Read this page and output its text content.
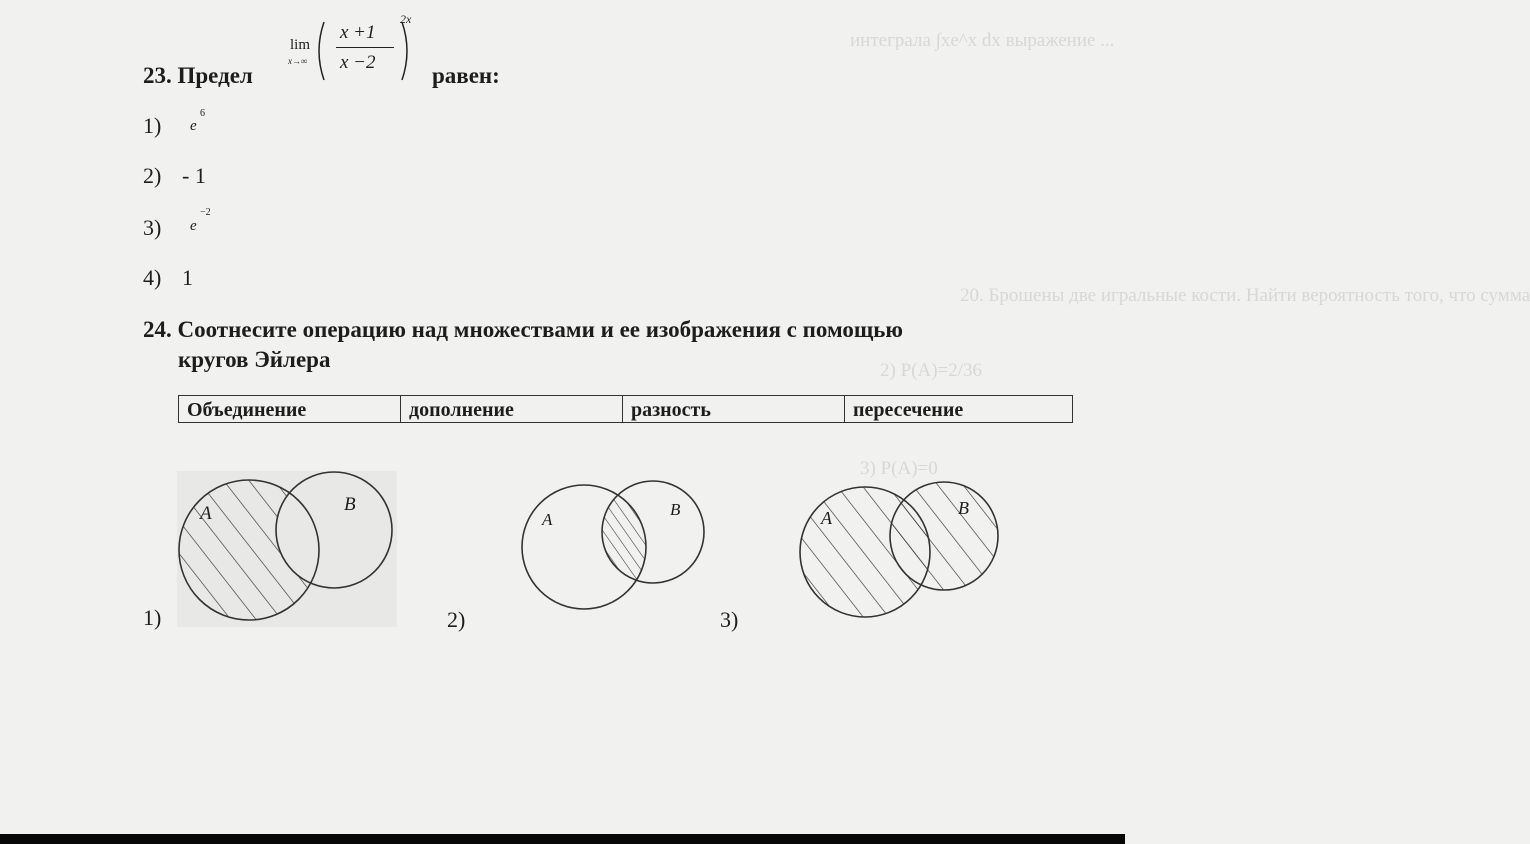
интеграла ∫xe^x dx выражение ...
20. Брошены две игральные кости. Найти вероятность того, что сумма
2) P(A)=2/36
3) P(A)=0
23. Предел
lim
x→∞
x +1
x −2
2x
равен:
1) e
6
2) - 1
3) e
−2
4) 1
24. Соотнесите операцию над множествами и ее изображения с помощью
кругов Эйлера
Объединение	дополнение	разность	пересечение
A	B
1)
A
B
2)
A	B
3)
